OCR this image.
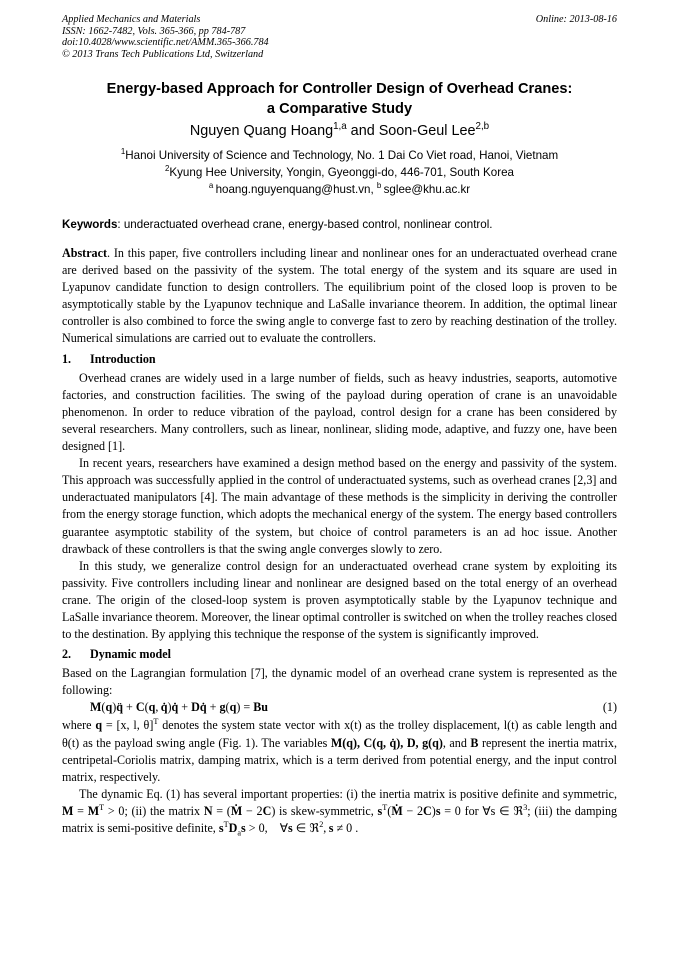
Applied Mechanics and Materials
ISSN: 1662-7482, Vols. 365-366, pp 784-787
doi:10.4028/www.scientific.net/AMM.365-366.784
© 2013 Trans Tech Publications Ltd, Switzerland
Online: 2013-08-16
Energy-based Approach for Controller Design of Overhead Cranes:
a Comparative Study
Nguyen Quang Hoang$^{1,a}$ and Soon-Geul Lee$^{2,b}$
$^1$Hanoi University of Science and Technology, No. 1 Dai Co Viet road, Hanoi, Vietnam
$^2$Kyung Hee University, Yongin, Gyeonggi-do, 446-701, South Korea
$^a$  hoang.nguyenquang@hust.vn, $^b$  sglee@khu.ac.kr
Keywords: underactuated overhead crane, energy-based control, nonlinear control.

Abstract. In this paper, five controllers including linear and nonlinear ones for an underactuated overhead crane are derived based on the passivity of the system. The total energy of the system and its square are used in Lyapunov candidate function to design controllers. The equilibrium point of the closed loop is proven to be asymptotically stable by the Lyapunov technique and LaSalle invariance theorem. In addition, the optimal linear controller is also combined to force the swing angle to converge fast to zero by reaching destination of the trolley. Numerical simulations are carried out to evaluate the controllers.

1. Introduction

Overhead cranes are widely used in a large number of fields, such as heavy industries, seaports, automotive factories, and construction facilities. The swing of the payload during operation of crane is an unavoidable phenomenon. In order to reduce vibration of the payload, control design for a crane has been considered by several researchers. Many controllers, such as linear, nonlinear, sliding mode, adaptive, and fuzzy one, have been designed [1].

In recent years, researchers have examined a design method based on the energy and passivity of the system. This approach was successfully applied in the control of underactuated systems, such as overhead cranes [2,3] and underactuated manipulators [4]. The main advantage of these methods is the simplicity in deriving the controller from the energy storage function, which adopts the mechanical energy of the system. The energy based controllers guarantee asymptotic stability of the system, but choice of control parameters is an ad hoc issue. Another drawback of these controllers is that the swing angle converges slowly to zero.

In this study, we generalize control design for an underactuated overhead crane system by exploiting its passivity. Five controllers including linear and nonlinear are designed based on the total energy of an overhead crane. The origin of the closed-loop system is proven asymptotically stable by the Lyapunov technique and LaSalle invariance theorem. Moreover, the linear optimal controller is switched on when the trolley reaches closed to the destination. By applying this technique the response of the system is significantly improved.

2. Dynamic model

Based on the Lagrangian formulation [7], the dynamic model of an overhead crane system is represented as the following:

M(q)q̈ + C(q, q̇)q̇ + Dq̇ + g(q) = Bu	(1)

where q = [x, l, θ]$^T$ denotes the system state vector with x(t) as the trolley displacement, l(t) as cable length and θ(t) as the payload swing angle (Fig. 1). The variables M(q), C(q, q̇), D, g(q), and B represent the inertia matrix, centripetal-Coriolis matrix, damping matrix, which is a term derived from potential energy, and the input control matrix, respectively.

The dynamic Eq. (1) has several important properties: (i) the inertia matrix is positive definite and symmetric, $M = M^T > 0$; (ii) the matrix N = (Ṁ − 2C) is skew-symmetric, $s^T(Ṁ - 2C)s = 0$ for ∀s ∈ ℜ$^3$; (iii) the damping matrix is semi-positive definite, $s^TD_as > 0$, ∀s ∈ ℜ$^2$, s ≠ 0 .
